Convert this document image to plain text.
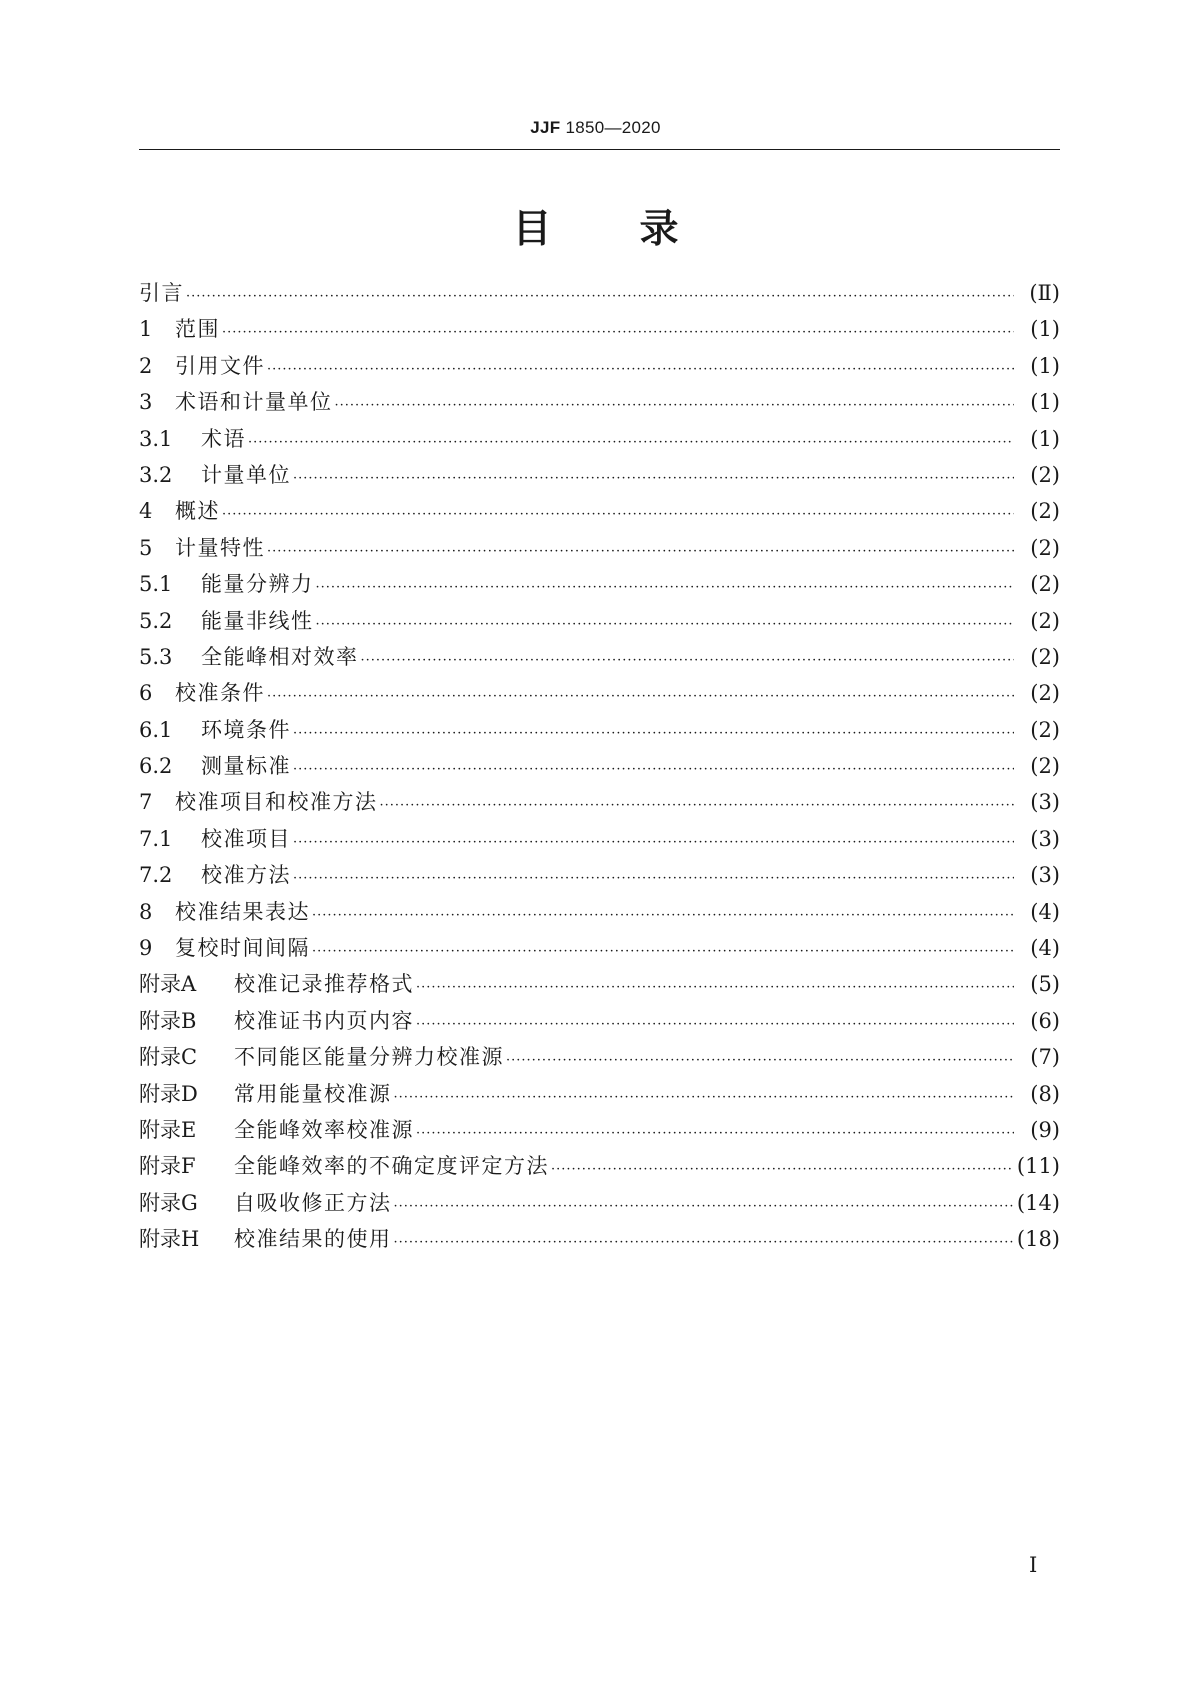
JJF 1850—2020
目 录
引言 ·····	(Ⅱ)
1	范围 ·····	(1)
2	引用文件 ·····	(1)
3	术语和计量单位 ·····	(1)
3.1	术语 ·····	(1)
3.2	计量单位 ·····	(2)
4	概述 ·····	(2)
5	计量特性 ·····	(2)
5.1	能量分辨力 ·····	(2)
5.2	能量非线性 ·····	(2)
5.3	全能峰相对效率 ·····	(2)
6	校准条件 ·····	(2)
6.1	环境条件 ·····	(2)
6.2	测量标准 ·····	(2)
7	校准项目和校准方法 ·····	(3)
7.1	校准项目 ·····	(3)
7.2	校准方法 ·····	(3)
8	校准结果表达 ·····	(4)
9	复校时间间隔 ·····	(4)
附录A	校准记录推荐格式 ·····	(5)
附录B	校准证书内页内容 ·····	(6)
附录C	不同能区能量分辨力校准源 ·····	(7)
附录D	常用能量校准源 ·····	(8)
附录E	全能峰效率校准源 ·····	(9)
附录F	全能峰效率的不确定度评定方法 ·····	(11)
附录G	自吸收修正方法 ·····	(14)
附录H	校准结果的使用 ·····	(18)
I
